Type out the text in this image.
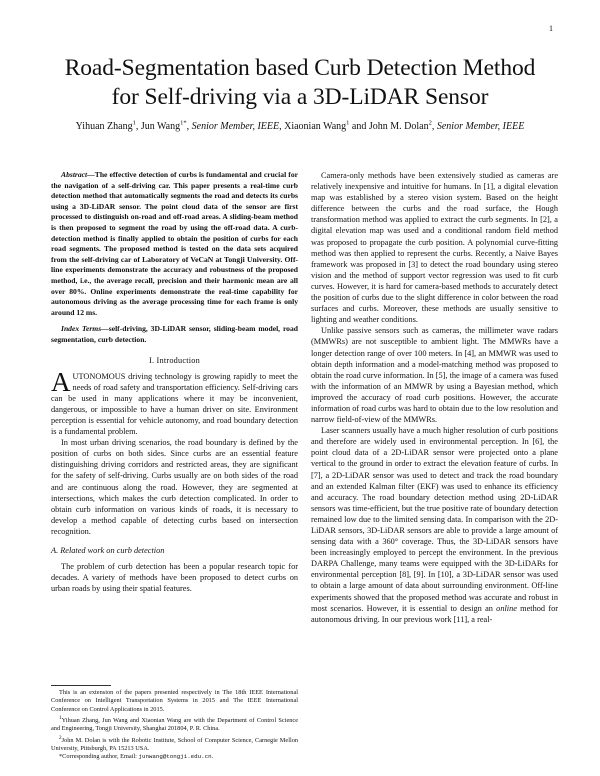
1
Road-Segmentation based Curb Detection Method
for Self-driving via a 3D-LiDAR Sensor
Yihuan Zhang$^1$, Jun Wang$^{1*}$, Senior Member, IEEE, Xiaonian Wang$^1$ and John M. Dolan$^2$, Senior Member, IEEE

Abstract—The effective detection of curbs is fundamental and crucial for the navigation of a self-driving car. This paper presents a real-time curb detection method that automatically segments the road and detects its curbs using a 3D-LiDAR sensor. The point cloud data of the sensor are first processed to distinguish on-road and off-road areas. A sliding-beam method is then proposed to segment the road by using the off-road data. A curb-detection method is finally applied to obtain the position of curbs for each road segments. The proposed method is tested on the data sets acquired from the self-driving car of Laboratory of VeCaN at Tongji University. Off-line experiments demonstrate the accuracy and robustness of the proposed method, i.e., the average recall, precision and their harmonic mean are all over 80%. Online experiments demonstrate the real-time capability for autonomous driving as the average processing time for each frame is only around 12 ms.

Index Terms—self-driving, 3D-LiDAR sensor, sliding-beam model, road segmentation, curb detection.

I. Introduction

AUTONOMOUS driving technology is growing rapidly to meet the needs of road safety and transportation efficiency. Self-driving cars can be used in many applications where it may be inconvenient, dangerous, or impossible to have a human driver on site. Environment perception is essential for vehicle autonomy, and road boundary detection is a fundamental problem.

In most urban driving scenarios, the road boundary is defined by the position of curbs on both sides. Since curbs are an essential feature distinguishing driving corridors and restricted areas, they are significant for the safety of self-driving. Curbs usually are on both sides of the road and are continuous along the road. However, they are segmented at intersections, which makes the curb detection complicated. In order to obtain curb information on various kinds of roads, it is necessary to develop a method capable of detecting curbs based on intersection recognition.

A. Related work on curb detection

The problem of curb detection has been a popular research topic for decades. A variety of methods have been proposed to detect curbs on urban roads by using their spatial features.

This is an extension of the papers presented respectively in The 18th IEEE International Conference on Intelligent Transportation Systems in 2015 and The IEEE International Conference on Control Applications in 2015.

$^1$Yihuan Zhang, Jun Wang and Xiaonian Wang are with the Department of Control Science and Engineering, Tongji University, Shanghai 201804, P. R. China.

$^2$John M. Dolan is with the Robotic Institute, School of Computer Science, Carnegie Mellon University, Pittsburgh, PA 15213 USA.

*Corresponding author, Email: junwang@tongji.edu.cn.

Camera-only methods have been extensively studied as cameras are relatively inexpensive and intuitive for humans. In [1], a digital elevation map was established by a stereo vision system. Based on the height difference between the curbs and the road surface, the Hough transformation method was applied to extract the curb segments. In [2], a digital elevation map was used and a conditional random field method was proposed to propagate the curb position. A polynomial curve-fitting method was then applied to represent the curbs. Recently, a Naive Bayes framework was proposed in [3] to detect the road boundary using stereo vision and the method of support vector regression was used to fit curb curves. However, it is hard for camera-based methods to accurately detect the position of curbs due to the slight difference in color between the road surfaces and curbs. Moreover, these methods are usually sensitive to lighting and weather conditions.

Unlike passive sensors such as cameras, the millimeter wave radars (MMWRs) are not susceptible to ambient light. The MMWRs have a longer detection range of over 100 meters. In [4], an MMWR was used to obtain depth information and a model-matching method was proposed to obtain the road curve information. In [5], the image of a camera was fused with the information of an MMWR by using a Bayesian method, which improved the accuracy of road curb positions. However, the accurate information of road curbs was hard to obtain due to the low resolution and narrow field-of-view of the MMWRs.

Laser scanners usually have a much higher resolution of curb positions and therefore are widely used in environmental perception. In [6], the point cloud data of a 2D-LiDAR sensor were projected onto a plane vertical to the ground in order to extract the elevation feature of curbs. In [7], a 2D-LiDAR sensor was used to detect and track the road boundary and an extended Kalman filter (EKF) was used to enhance its efficiency and accuracy. The road boundary detection method using 2D-LiDAR sensors was time-efficient, but the true positive rate of boundary detection remained low due to the limited sensing data. In comparison with the 2D-LiDAR sensors, 3D-LiDAR sensors are able to provide a large amount of sensing data with a 360° coverage. Thus, the 3D-LiDAR sensors have been increasingly employed to percept the environment. In the previous DARPA Challenge, many teams were equipped with the 3D-LiDARs for environmental perception [8], [9]. In [10], a 3D-LiDAR sensor was used to obtain a large amount of data about surrounding environment. Off-line experiments showed that the proposed method was accurate and robust in most scenarios. However, it is essential to design an online method for autonomous driving. In our previous work [11], a real-
